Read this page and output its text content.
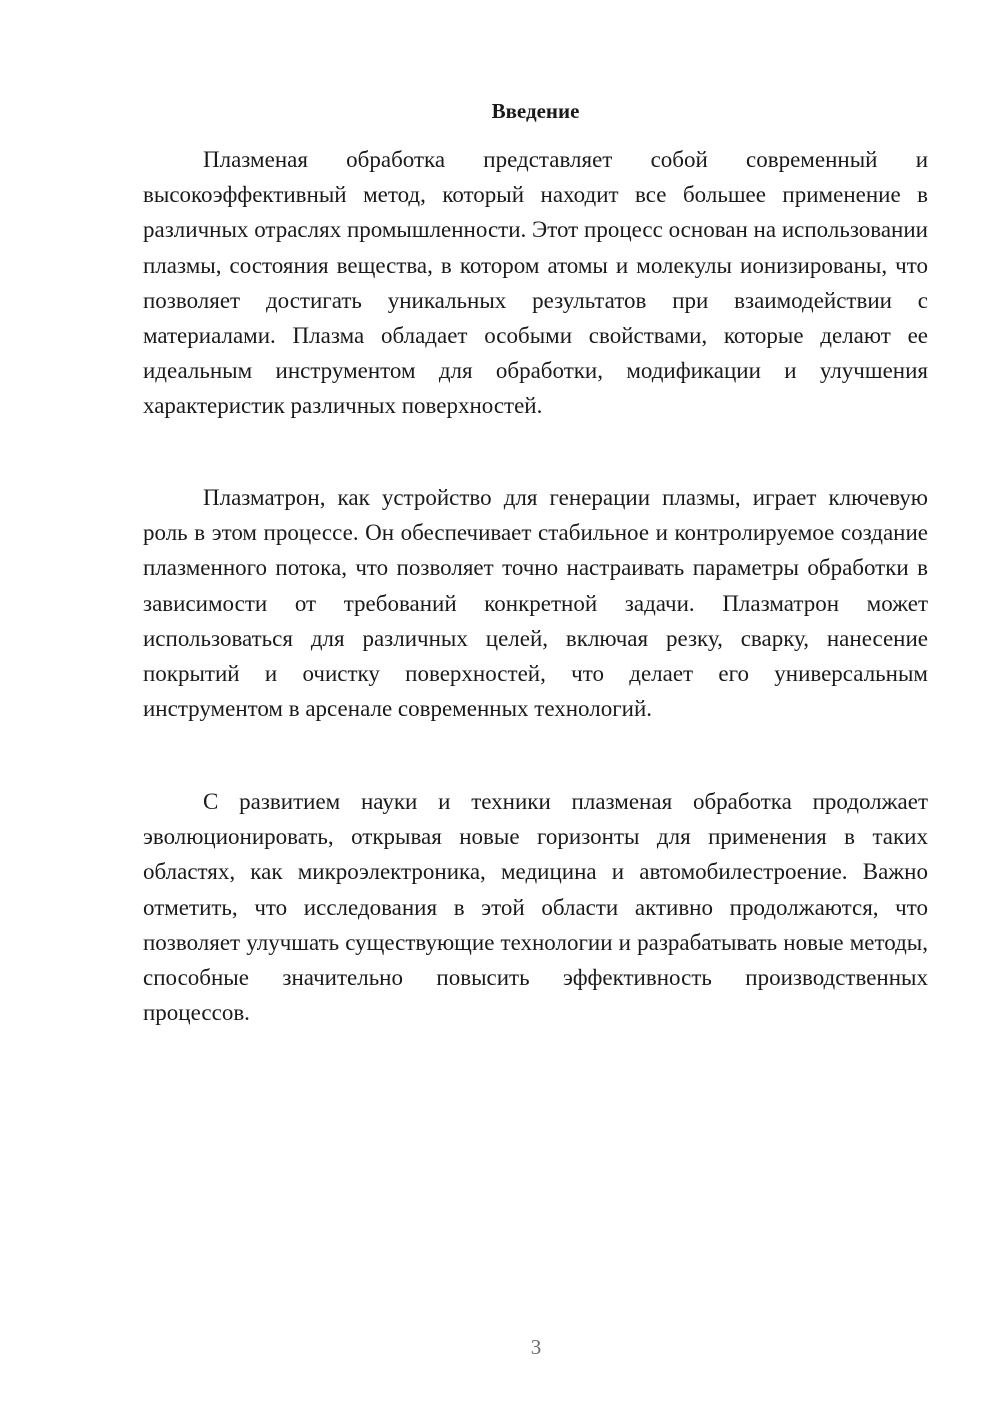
Введение

Плазменая обработка представляет собой современный и высокоэффективный метод, который находит все большее применение в различных отраслях промышленности. Этот процесс основан на использовании плазмы, состояния вещества, в котором атомы и молекулы ионизированы, что позволяет достигать уникальных результатов при взаимодействии с материалами. Плазма обладает особыми свойствами, которые делают ее идеальным инструментом для обработки, модификации и улучшения характеристик различных поверхностей.

Плазматрон, как устройство для генерации плазмы, играет ключевую роль в этом процессе. Он обеспечивает стабильное и контролируемое создание плазменного потока, что позволяет точно настраивать параметры обработки в зависимости от требований конкретной задачи. Плазматрон может использоваться для различных целей, включая резку, сварку, нанесение покрытий и очистку поверхностей, что делает его универсальным инструментом в арсенале современных технологий.

С развитием науки и техники плазменая обработка продолжает эволюционировать, открывая новые горизонты для применения в таких областях, как микроэлектроника, медицина и автомобилестроение. Важно отметить, что исследования в этой области активно продолжаются, что позволяет улучшать существующие технологии и разрабатывать новые методы, способные значительно повысить эффективность производственных процессов.

3
